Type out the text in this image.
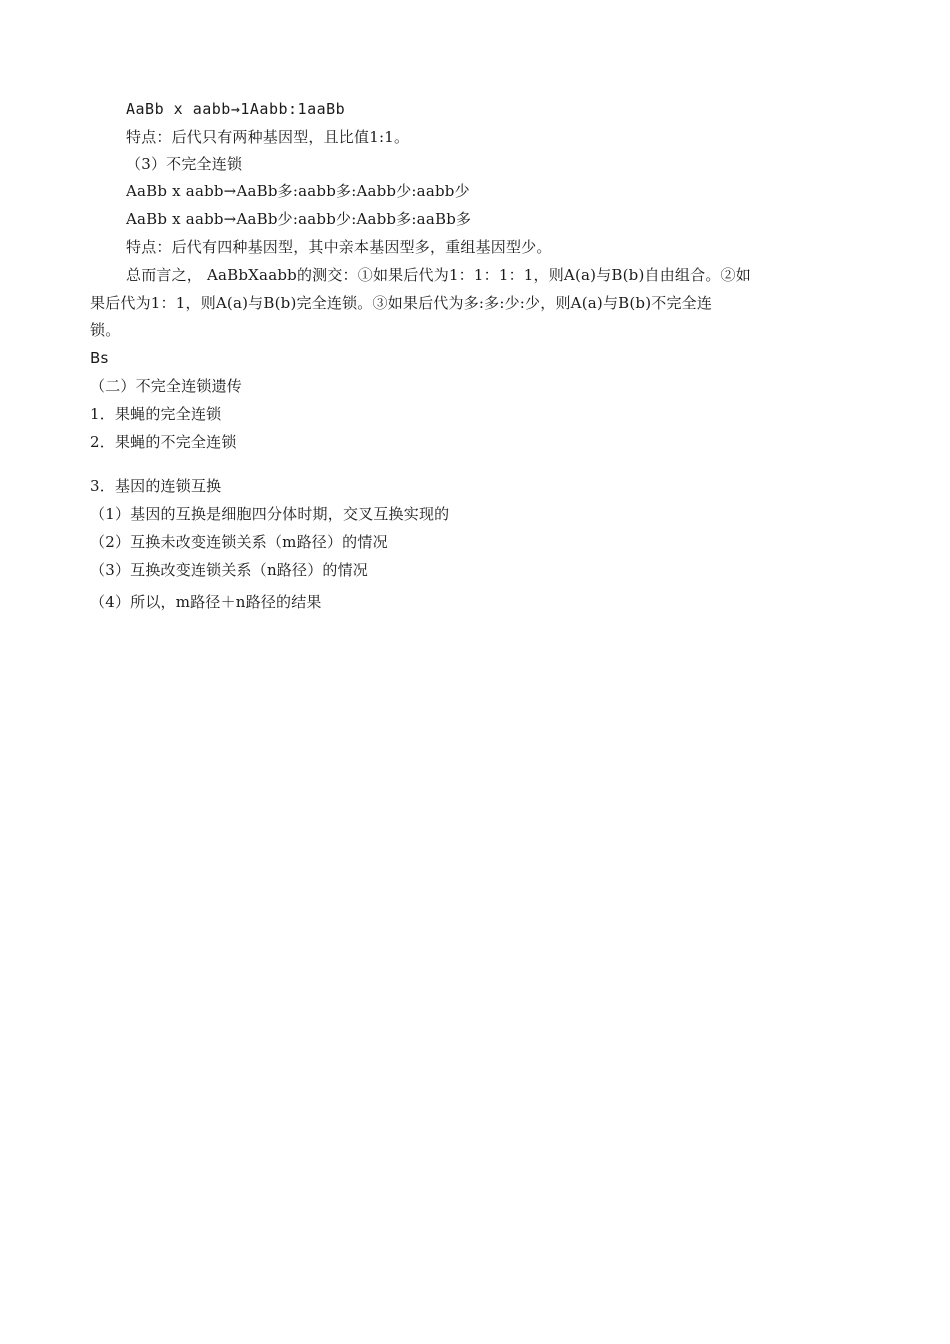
AaBb x aabb→1Aabb:1aaBb
特点：后代只有两种基因型，且比值1:1。
（3）不完全连锁
AaBb x aabb→AaBb多:aabb多:Aabb少:aabb少
AaBb x aabb→AaBb少:aabb少:Aabb多:aaBb多
特点：后代有四种基因型，其中亲本基因型多，重组基因型少。
总而言之， AaBbXaabb的测交：①如果后代为1：1：1：1，则A(a)与B(b)自由组合。②如
果后代为1：1，则A(a)与B(b)完全连锁。③如果后代为多:多:少:少，则A(a)与B(b)不完全连
锁。
Bs
（二）不完全连锁遗传
1．果蝇的完全连锁
2．果蝇的不完全连锁
3．基因的连锁互换
（1）基因的互换是细胞四分体时期，交叉互换实现的
（2）互换未改变连锁关系（m路径）的情况
（3）互换改变连锁关系（n路径）的情况
（4）所以，m路径＋n路径的结果
